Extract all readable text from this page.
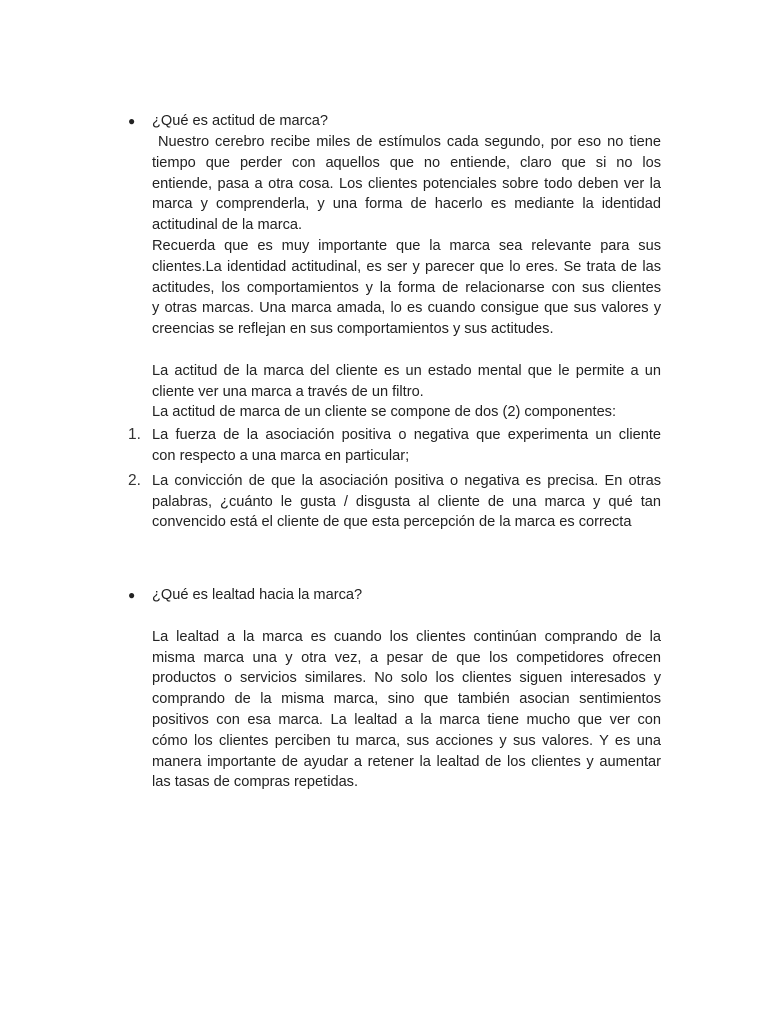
●	¿Qué es actitud de marca?
Nuestro cerebro recibe miles de estímulos cada segundo, por eso no tiene
tiempo que perder con aquellos que no entiende, claro que si no los
entiende, pasa a otra cosa. Los clientes potenciales sobre todo deben ver la
marca y comprenderla, y una forma de hacerlo es mediante la identidad
actitudinal de la marca.
Recuerda que es muy importante que la marca sea relevante para sus
clientes.La identidad actitudinal, es ser y parecer que lo eres. Se trata de las
actitudes, los comportamientos y la forma de relacionarse con sus clientes
y otras marcas. Una marca amada, lo es cuando consigue que sus valores y
creencias se reflejan en sus comportamientos y sus actitudes.
La actitud de la marca del cliente es un estado mental que le permite a un
cliente ver una marca a través de un filtro.
La actitud de marca de un cliente se compone de dos (2) componentes:
1. La fuerza de la asociación positiva o negativa que experimenta un cliente
con respecto a una marca en particular;
2. La convicción de que la asociación positiva o negativa es precisa. En otras
palabras, ¿cuánto le gusta / disgusta al cliente de una marca y qué tan
convencido está el cliente de que esta percepción de la marca es correcta
●	¿Qué es lealtad hacia la marca?
La lealtad a la marca es cuando los clientes continúan comprando de la
misma marca una y otra vez, a pesar de que los competidores ofrecen
productos o servicios similares. No solo los clientes siguen interesados y
comprando de la misma marca, sino que también asocian sentimientos
positivos con esa marca. La lealtad a la marca tiene mucho que ver con
cómo los clientes perciben tu marca, sus acciones y sus valores. Y es una
manera importante de ayudar a retener la lealtad de los clientes y aumentar
las tasas de compras repetidas.
